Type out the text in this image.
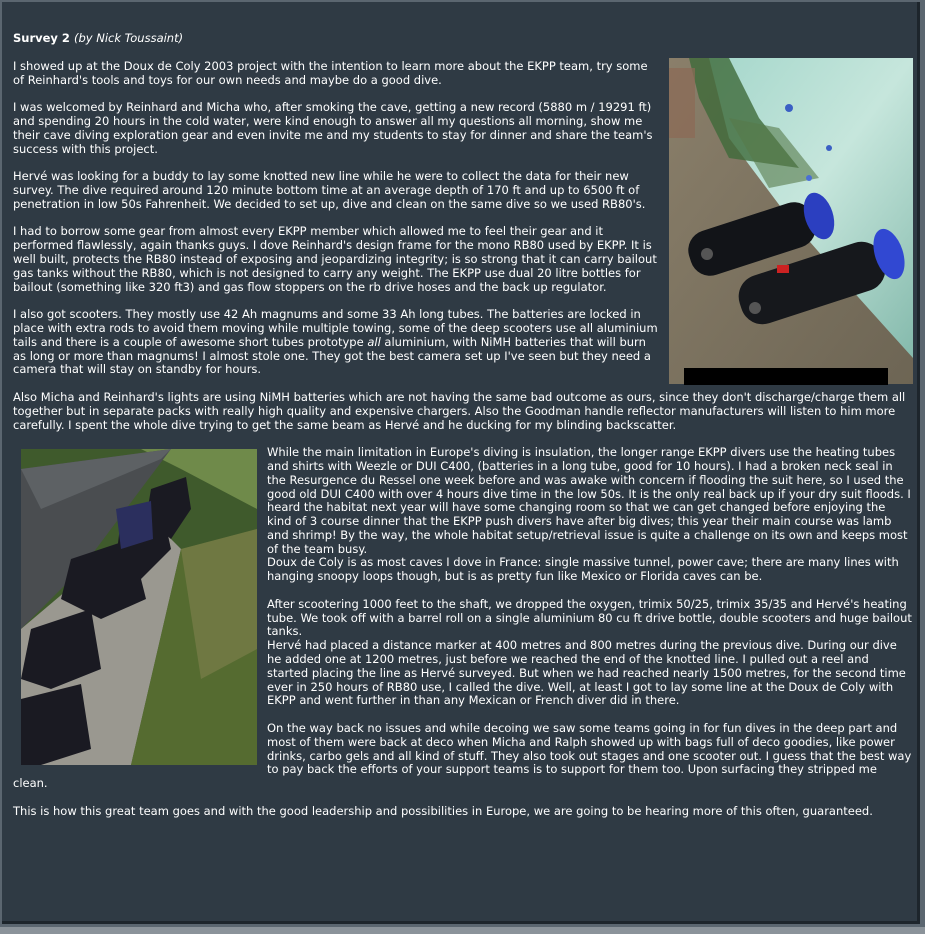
Survey 2 (by Nick Toussaint)

I showed up at the Doux de Coly 2003 project with the intention to learn more about the EKPP team, try some of Reinhard's tools and toys for our own needs and maybe do a good dive.

I was welcomed by Reinhard and Micha who, after smoking the cave, getting a new record (5880 m / 19291 ft) and spending 20 hours in the cold water, were kind enough to answer all my questions all morning, show me their cave diving exploration gear and even invite me and my students to stay for dinner and share the team's success with this project.

Hervé was looking for a buddy to lay some knotted new line while he were to collect the data for their new survey. The dive required around 120 minute bottom time at an average depth of 170 ft and up to 6500 ft of penetration in low 50s Fahrenheit. We decided to set up, dive and clean on the same dive so we used RB80's.

I had to borrow some gear from almost every EKPP member which allowed me to feel their gear and it performed flawlessly, again thanks guys. I dove Reinhard's design frame for the mono RB80 used by EKPP. It is well built, protects the RB80 instead of exposing and jeopardizing integrity; is so strong that it can carry bailout gas tanks without the RB80, which is not designed to carry any weight. The EKPP use dual 20 litre bottles for bailout (something like 320 ft3) and gas flow stoppers on the rb drive hoses and the back up regulator.

I also got scooters. They mostly use 42 Ah magnums and some 33 Ah long tubes. The batteries are locked in place with extra rods to avoid them moving while multiple towing, some of the deep scooters use all aluminium tails and there is a couple of awesome short tubes prototype all aluminium, with NiMH batteries that will burn as long or more than magnums! I almost stole one. They got the best camera set up I've seen but they need a camera that will stay on standby for hours.

Also Micha and Reinhard's lights are using NiMH batteries which are not having the same bad outcome as ours, since they don't discharge/charge them all together but in separate packs with really high quality and expensive chargers. Also the Goodman handle reflector manufacturers will listen to him more carefully. I spent the whole dive trying to get the same beam as Hervé and he ducking for my blinding backscatter.

While the main limitation in Europe's diving is insulation, the longer range EKPP divers use the heating tubes and shirts with Weezle or DUI C400, (batteries in a long tube, good for 10 hours). I had a broken neck seal in the Resurgence du Ressel one week before and was awake with concern if flooding the suit here, so I used the good old DUI C400 with over 4 hours dive time in the low 50s. It is the only real back up if your dry suit floods. I heard the habitat next year will have some changing room so that we can get changed before enjoying the kind of 3 course dinner that the EKPP push divers have after big dives; this year their main course was lamb and shrimp! By the way, the whole habitat setup/retrieval issue is quite a challenge on its own and keeps most of the team busy.
Doux de Coly is as most caves I dove in France: single massive tunnel, power cave; there are many lines with hanging snoopy loops though, but is as pretty fun like Mexico or Florida caves can be.
After scootering 1000 feet to the shaft, we dropped the oxygen, trimix 50/25, trimix 35/35 and Hervé's heating tube. We took off with a barrel roll on a single aluminium 80 cu ft drive bottle, double scooters and huge bailout tanks.
Hervé had placed a distance marker at 400 metres and 800 metres during the previous dive. During our dive he added one at 1200 metres, just before we reached the end of the knotted line. I pulled out a reel and started placing the line as Hervé surveyed. But when we had reached nearly 1500 metres, for the second time ever in 250 hours of RB80 use, I called the dive. Well, at least I got to lay some line at the Doux de Coly with EKPP and went further in than any Mexican or French diver did in there.

On the way back no issues and while decoing we saw some teams going in for fun dives in the deep part and most of them were back at deco when Micha and Ralph showed up with bags full of deco goodies, like power drinks, carbo gels and all kind of stuff. They also took out stages and one scooter out. I guess that the best way to pay back the efforts of your support teams is to support for them too. Upon surfacing they stripped me clean.

This is how this great team goes and with the good leadership and possibilities in Europe, we are going to be hearing more of this often, guaranteed.
